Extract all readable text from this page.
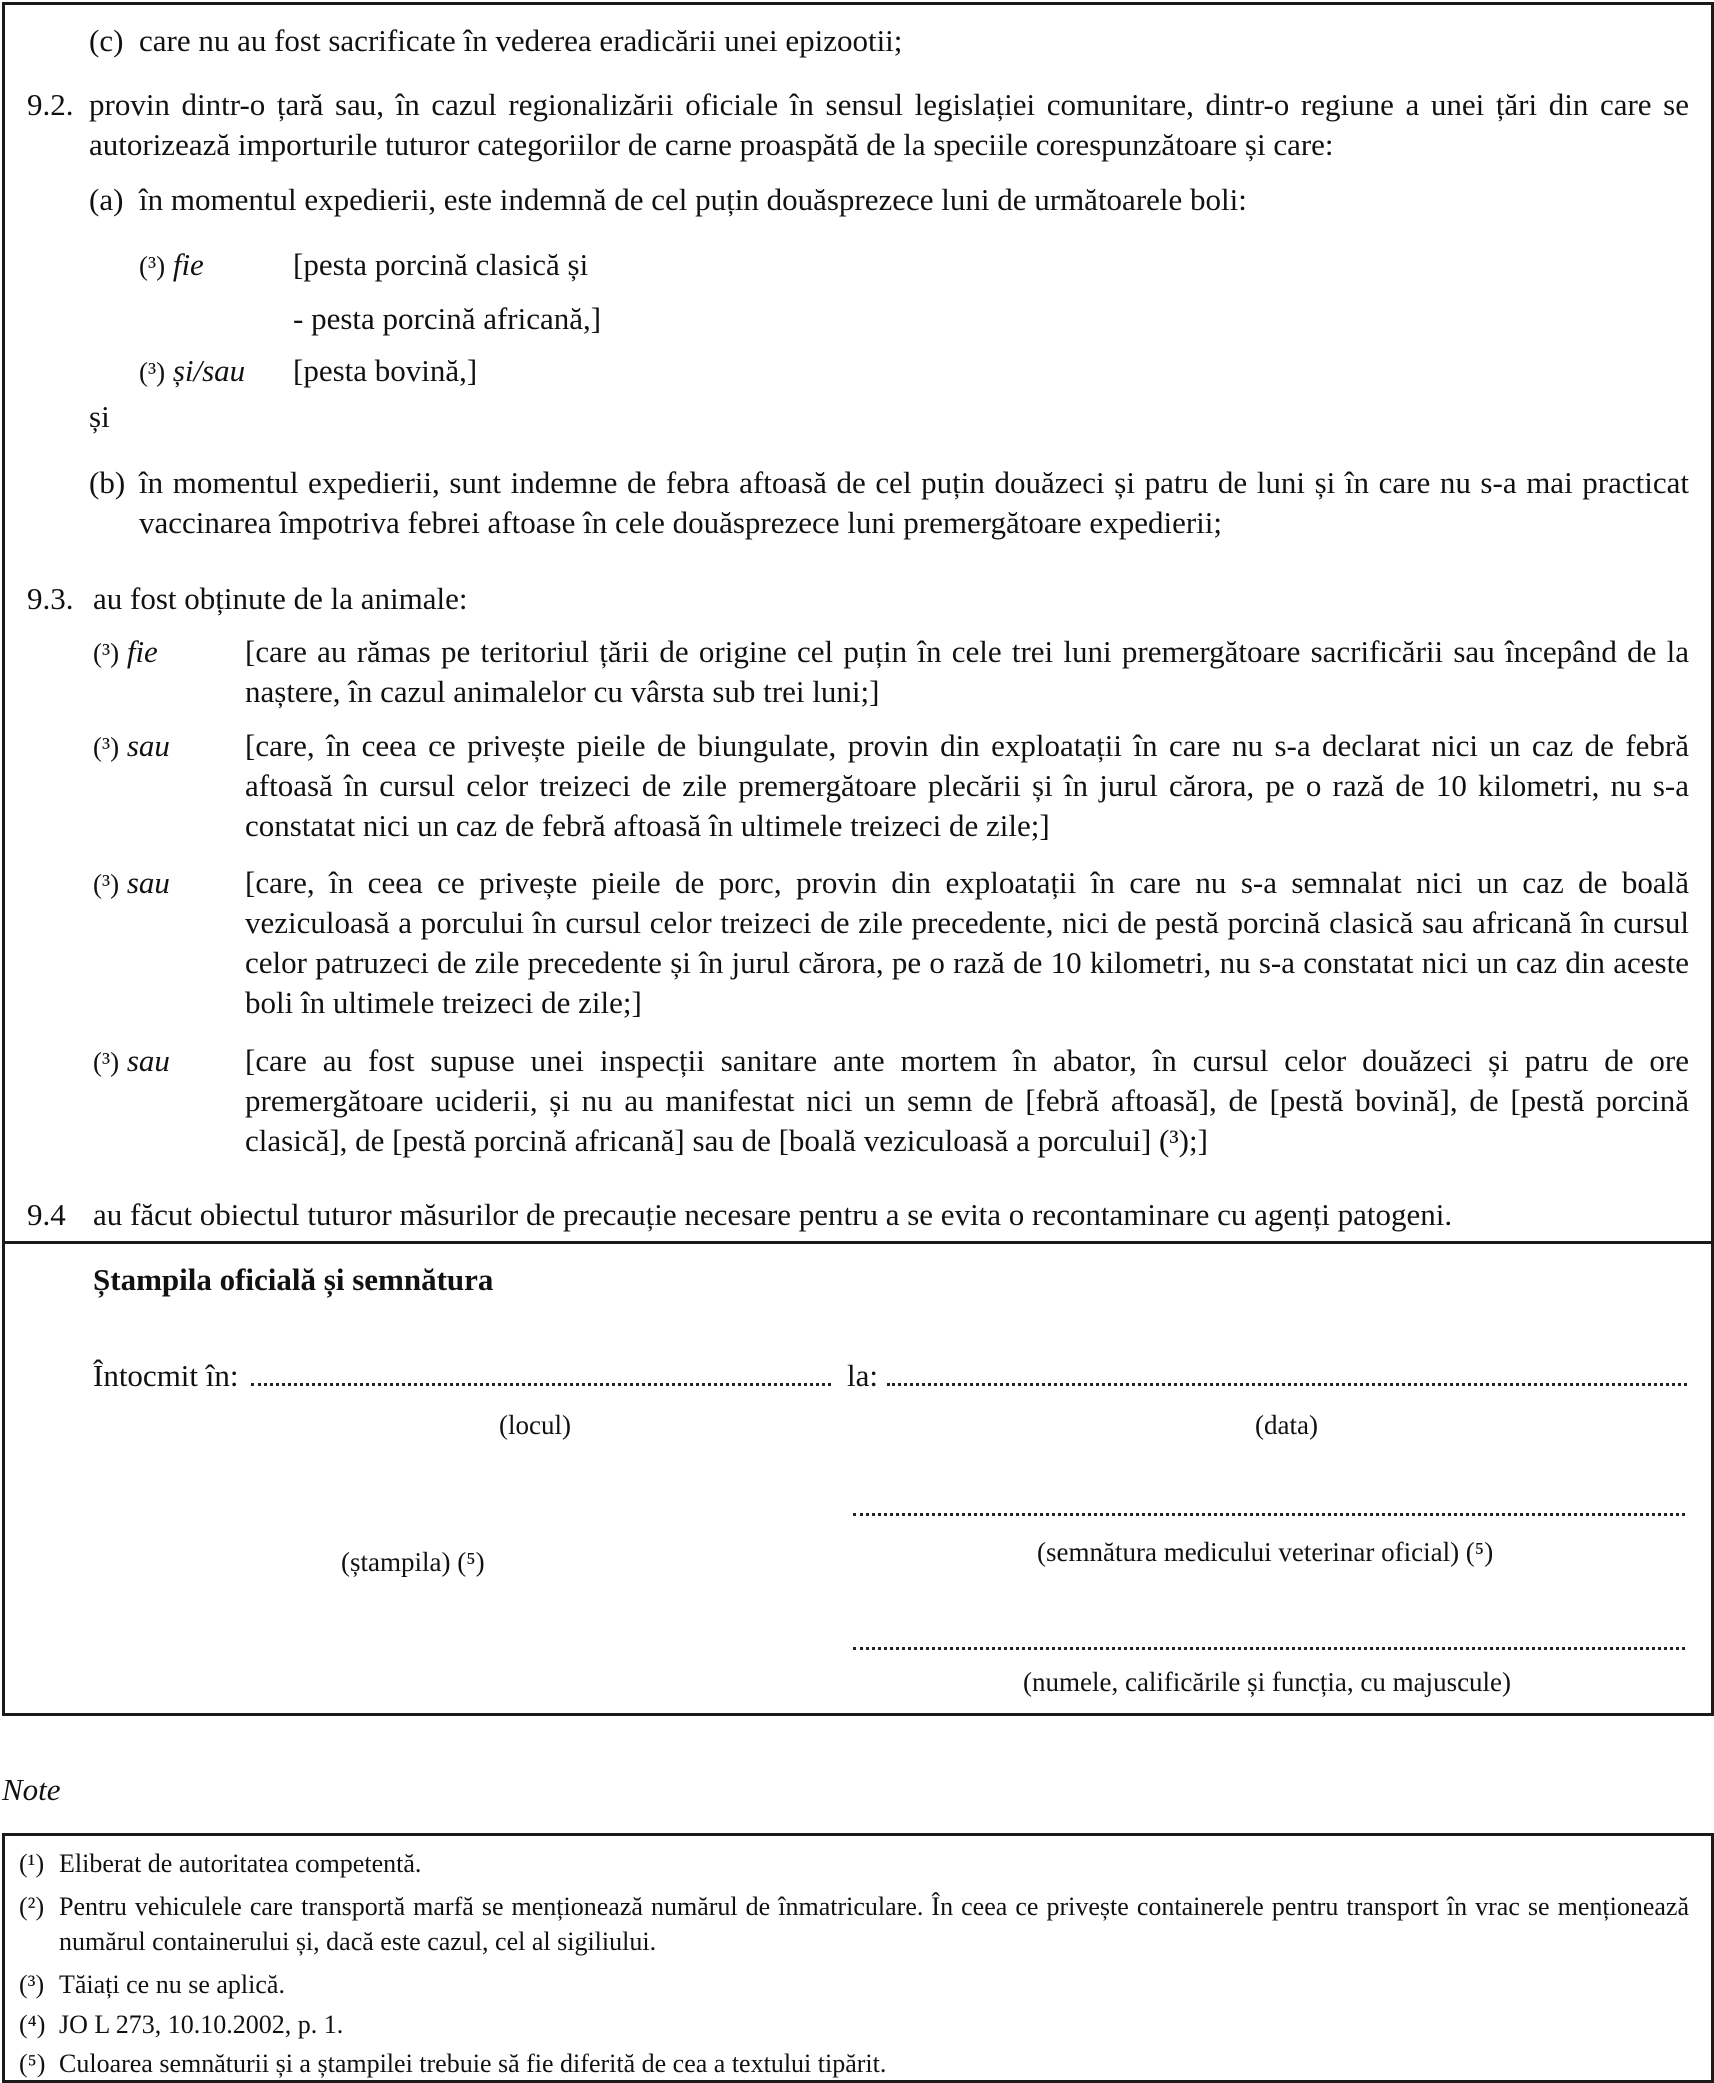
(c) care nu au fost sacrificate în vederea eradicării unei epizootii;
9.2. provin dintr-o țară sau, în cazul regionalizării oficiale în sensul legislației comunitare, dintr-o regiune a unei țări din care se autorizează importurile tuturor categoriilor de carne proaspătă de la speciile corespunzătoare și care:
(a) în momentul expedierii, este indemnă de cel puțin douăsprezece luni de următoarele boli:
(³) fie	[pesta porcină clasică și
- pesta porcină africană,]
(³) și/sau [pesta bovină,]
și
(b) în momentul expedierii, sunt indemne de febra aftoasă de cel puțin douăzeci și patru de luni și în care nu s-a mai practicat vaccinarea împotriva febrei aftoase în cele douăsprezece luni premergătoare expedierii;
9.3. au fost obținute de la animale:
(³) fie	[care au rămas pe teritoriul țării de origine cel puțin în cele trei luni premergătoare sacrificării sau începând de la naștere, în cazul animalelor cu vârsta sub trei luni;]
(³) sau [care, în ceea ce privește pieile de biungulate, provin din exploatații în care nu s-a declarat nici un caz de febră aftoasă în cursul celor treizeci de zile premergătoare plecării și în jurul cărora, pe o rază de 10 kilometri, nu s-a constatat nici un caz de febră aftoasă în ultimele treizeci de zile;]
(³) sau [care, în ceea ce privește pieile de porc, provin din exploatații în care nu s-a semnalat nici un caz de boală veziculoasă a porcului în cursul celor treizeci de zile precedente, nici de pestă porcină clasică sau africană în cursul celor patruzeci de zile precedente și în jurul cărora, pe o rază de 10 kilometri, nu s-a constatat nici un caz din aceste boli în ultimele treizeci de zile;]
(³) sau [care au fost supuse unei inspecții sanitare ante mortem în abator, în cursul celor douăzeci și patru de ore premergătoare uciderii, și nu au manifestat nici un semn de [febră aftoasă], de [pestă bovină], de [pestă porcină clasică], de [pestă porcină africană] sau de [boală veziculoasă a porcului] (³);]
9.4 au făcut obiectul tuturor măsurilor de precauție necesare pentru a se evita o recontaminare cu agenți patogeni.
Ștampila oficială și semnătura
Întocmit în:	la:
(locul)	(data)
(ștampila) (⁵)	(semnătura medicului veterinar oficial) (⁵)
(numele, calificările și funcția, cu majuscule)
Note
(¹) Eliberat de autoritatea competentă.
(²) Pentru vehiculele care transportă marfă se menționează numărul de înmatriculare. În ceea ce privește containerele pentru transport în vrac se menționează numărul containerului și, dacă este cazul, cel al sigiliului.
(³) Tăiați ce nu se aplică.
(⁴) JO L 273, 10.10.2002, p. 1.
(⁵) Culoarea semnăturii și a ștampilei trebuie să fie diferită de cea a textului tipărit.
